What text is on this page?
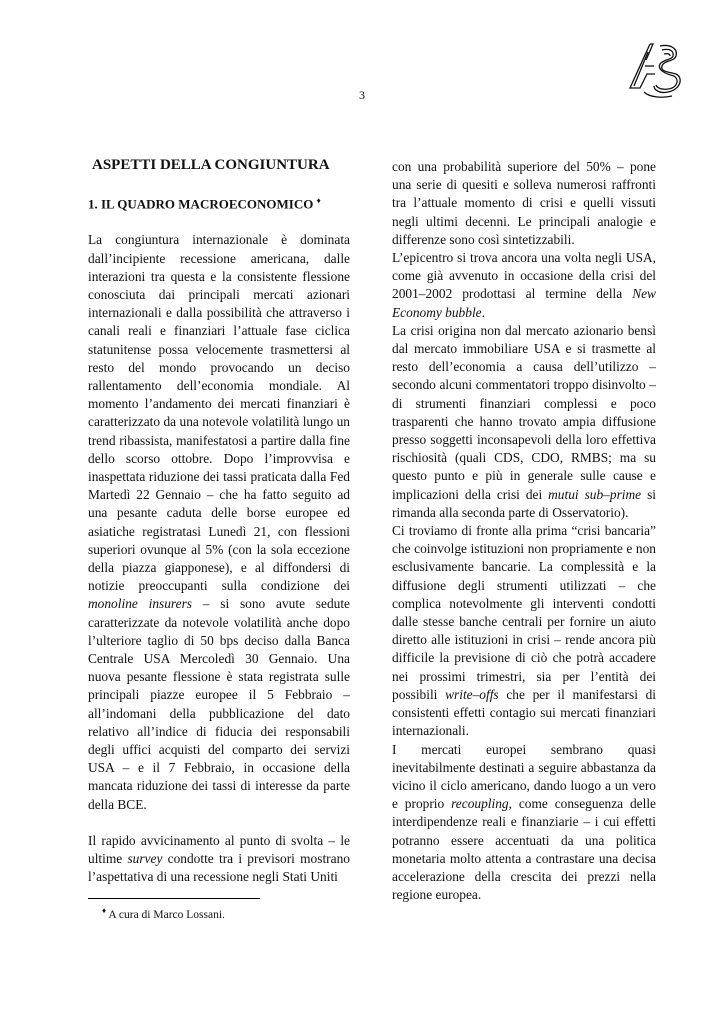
3
ASPETTI DELLA CONGIUNTURA
1. IL QUADRO MACROECONOMICO ♦

La congiuntura internazionale è dominata dall’incipiente recessione americana, dalle interazioni tra questa e la consistente flessione conosciuta dai principali mercati azionari internazionali e dalla possibilità che attraverso i canali reali e finanziari l’attuale fase ciclica statunitense possa velocemente trasmettersi al resto del mondo provocando un deciso rallentamento dell’economia mondiale. Al momento l’andamento dei mercati finanziari è caratterizzato da una notevole volatilità lungo un trend ribassista, manifestatosi a partire dalla fine dello scorso ottobre. Dopo l’improvvisa e inaspettata riduzione dei tassi praticata dalla Fed Martedì 22 Gennaio – che ha fatto seguito ad una pesante caduta delle borse europee ed asiatiche registratasi Lunedì 21, con flessioni superiori ovunque al 5% (con la sola eccezione della piazza giapponese), e al diffondersi di notizie preoccupanti sulla condizione dei monoline insurers – si sono avute sedute caratterizzate da notevole volatilità anche dopo l’ulteriore taglio di 50 bps deciso dalla Banca Centrale USA Mercoledì 30 Gennaio. Una nuova pesante flessione è stata registrata sulle principali piazze europee il 5 Febbraio – all’indomani della pubblicazione del dato relativo all’indice di fiducia dei responsabili degli uffici acquisti del comparto dei servizi USA – e il 7 Febbraio, in occasione della mancata riduzione dei tassi di interesse da parte della BCE.

Il rapido avvicinamento al punto di svolta – le ultime survey condotte tra i previsori mostrano l’aspettativa di una recessione negli Stati Uniti

con una probabilità superiore del 50% – pone una serie di quesiti e solleva numerosi raffronti tra l’attuale momento di crisi e quelli vissuti negli ultimi decenni. Le principali analogie e differenze sono così sintetizzabili.

L’epicentro si trova ancora una volta negli USA, come già avvenuto in occasione della crisi del 2001–2002 prodottasi al termine della New Economy bubble.

La crisi origina non dal mercato azionario bensì dal mercato immobiliare USA e si trasmette al resto dell’economia a causa dell’utilizzo – secondo alcuni commentatori troppo disinvolto – di strumenti finanziari complessi e poco trasparenti che hanno trovato ampia diffusione presso soggetti inconsapevoli della loro effettiva rischiosità (quali CDS, CDO, RMBS; ma su questo punto e più in generale sulle cause e implicazioni della crisi dei mutui sub–prime si rimanda alla seconda parte di Osservatorio).

Ci troviamo di fronte alla prima “crisi bancaria” che coinvolge istituzioni non propriamente e non esclusivamente bancarie. La complessità e la diffusione degli strumenti utilizzati – che complica notevolmente gli interventi condotti dalle stesse banche centrali per fornire un aiuto diretto alle istituzioni in crisi – rende ancora più difficile la previsione di ciò che potrà accadere nei prossimi trimestri, sia per l’entità dei possibili write–offs che per il manifestarsi di consistenti effetti contagio sui mercati finanziari internazionali.

I mercati europei sembrano quasi inevitabilmente destinati a seguire abbastanza da vicino il ciclo americano, dando luogo a un vero e proprio recoupling, come conseguenza delle interdipendenze reali e finanziarie – i cui effetti potranno essere accentuati da una politica monetaria molto attenta a contrastare una decisa accelerazione della crescita dei prezzi nella regione europea.

♦ A cura di Marco Lossani.
